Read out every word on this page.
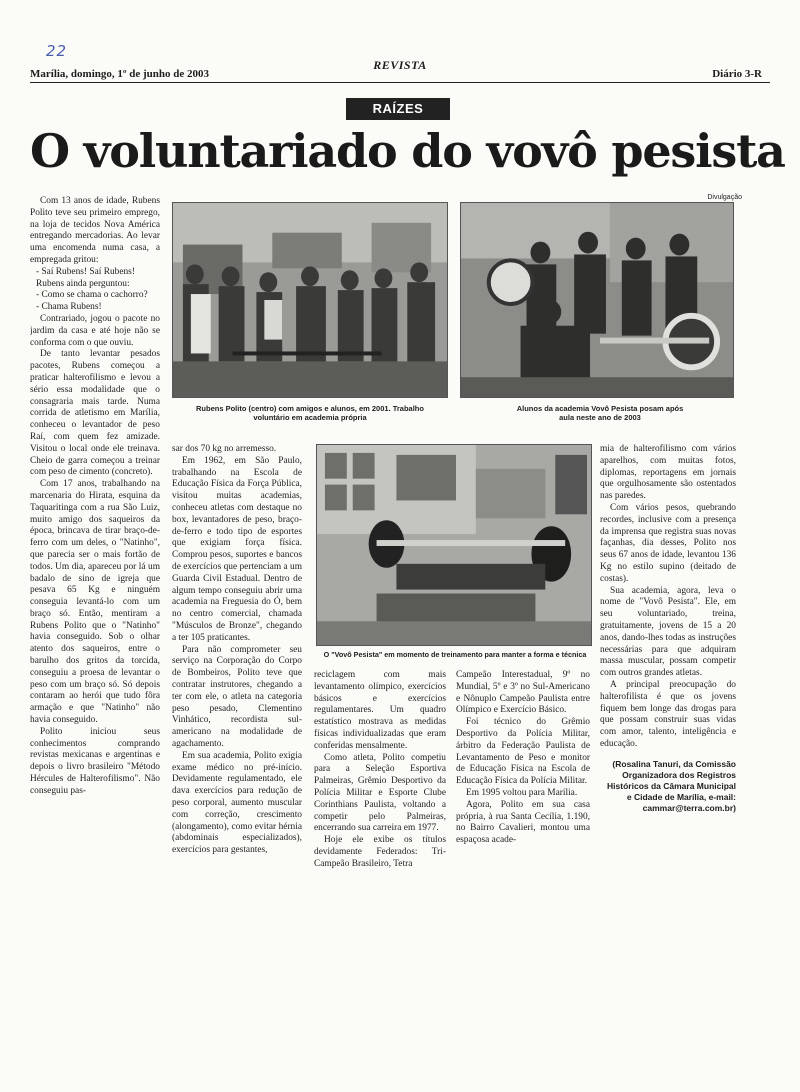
22
Marília, domingo, 1º de junho de 2003
REVISTA
Diário 3-R
RAÍZES
O voluntariado do vovô pesista
Divulgação
Rubens Polito (centro) com amigos e alunos, em 2001. Trabalho voluntário em academia própria
Alunos da academia Vovô Pesista posam após aula neste ano de 2003
O "Vovô Pesista" em momento de treinamento para manter a forma e técnica

Com 13 anos de idade, Rubens Polito teve seu primeiro emprego, na loja de tecidos Nova América entregando mercadorias. Ao levar uma encomenda numa casa, a empregada gritou:

- Saí Rubens! Saí Rubens!

Rubens ainda perguntou:

- Como se chama o cachorro?

- Chama Rubens!

Contrariado, jogou o pacote no jardim da casa e até hoje não se conforma com o que ouviu.

De tanto levantar pesados pacotes, Rubens começou a praticar halterofilismo e levou a sério essa modalidade que o consagraria mais tarde. Numa corrida de atletismo em Marília, conheceu o levantador de peso Raí, com quem fez amizade. Visitou o local onde ele treinava. Cheio de garra começou a treinar com peso de cimento (concreto).

Com 17 anos, trabalhando na marcenaria do Hirata, esquina da Taquaritinga com a rua São Luiz, muito amigo dos saqueiros da época, brincava de tirar braço-de-ferro com um deles, o "Natinho", que parecia ser o mais fortão de todos. Um dia, apareceu por lá um badalo de sino de igreja que pesava 65 Kg e ninguém conseguia levantá-lo com um braço só. Então, mentiram a Rubens Polito que o "Natinho" havia conseguido. Sob o olhar atento dos saqueiros, entre o barulho dos gritos da torcida, conseguiu a proesa de levantar o peso com um braço só. Só depois contaram ao herói que tudo fôra armação e que "Natinho" não havia conseguido.

Polito iniciou seus conhecimentos comprando revistas mexicanas e argentinas e depois o livro brasileiro "Método Hércules de Halterofilismo". Não conseguiu pas-

sar dos 70 kg no arremesso.

Em 1962, em São Paulo, trabalhando na Escola de Educação Física da Força Pública, visitou muitas academias, conheceu atletas com destaque no box, levantadores de peso, braço-de-ferro e todo tipo de esportes que exigiam força física. Comprou pesos, suportes e bancos de exercícios que pertenciam a um Guarda Civil Estadual. Dentro de algum tempo conseguiu abrir uma academia na Freguesia do Ó, bem no centro comercial, chamada "Músculos de Bronze", chegando a ter 105 praticantes.

Para não comprometer seu serviço na Corporação do Corpo de Bombeiros, Polito teve que contratar instrutores, chegando a ter com ele, o atleta na categoria peso pesado, Clementino Vinhático, recordista sul-americano na modalidade de agachamento.

Em sua academia, Polito exigia exame médico no pré-início. Devidamente regulamentado, ele dava exercícios para redução de peso corporal, aumento muscular com correção, crescimento (alongamento), como evitar hérnia (abdominais especializados), exercícios para gestantes,

reciclagem com mais levantamento olímpico, exercícios básicos e exercícios regulamentares. Um quadro estatístico mostrava as medidas físicas individualizadas que eram conferidas mensalmente.

Como atleta, Polito competiu para a Seleção Esportiva Palmeiras, Grêmio Desportivo da Polícia Militar e Esporte Clube Corinthians Paulista, voltando a competir pelo Palmeiras, encerrando sua carreira em 1977.

Hoje ele exibe os títulos devidamente Federados: Tri-Campeão Brasileiro, Tetra

Campeão Interestadual, 9º no Mundial, 5º e 3º no Sul-Americano e Nônuplo Campeão Paulista entre Olímpico e Exercício Básico.

Foi técnico do Grêmio Desportivo da Polícia Militar, árbitro da Federação Paulista de Levantamento de Peso e monitor de Educação Física na Escola de Educação Física da Polícia Militar.

Em 1995 voltou para Marília.

Agora, Polito em sua casa própria, à rua Santa Cecília, 1.190, no Bairro Cavalieri, montou uma espaçosa acade-

mia de halterofilismo com vários aparelhos, com muitas fotos, diplomas, reportagens em jornais que orgulhosamente são ostentados nas paredes.

Com vários pesos, quebrando recordes, inclusive com a presença da imprensa que registra suas novas façanhas, dia desses, Polito nos seus 67 anos de idade, levantou 136 Kg no estilo supino (deitado de costas).

Sua academia, agora, leva o nome de "Vovô Pesista". Ele, em seu voluntariado, treina, gratuitamente, jovens de 15 a 20 anos, dando-lhes todas as instruções necessárias para que adquiram massa muscular, possam competir com outros grandes atletas.

A principal preocupação do halterofilista é que os jovens fiquem bem longe das drogas para que possam construir suas vidas com amor, talento, inteligência e educação.

(Rosalina Tanuri, da Comissão Organizadora dos Registros Históricos da Câmara Municipal e Cidade de Marília, e-mail: cammar@terra.com.br)
